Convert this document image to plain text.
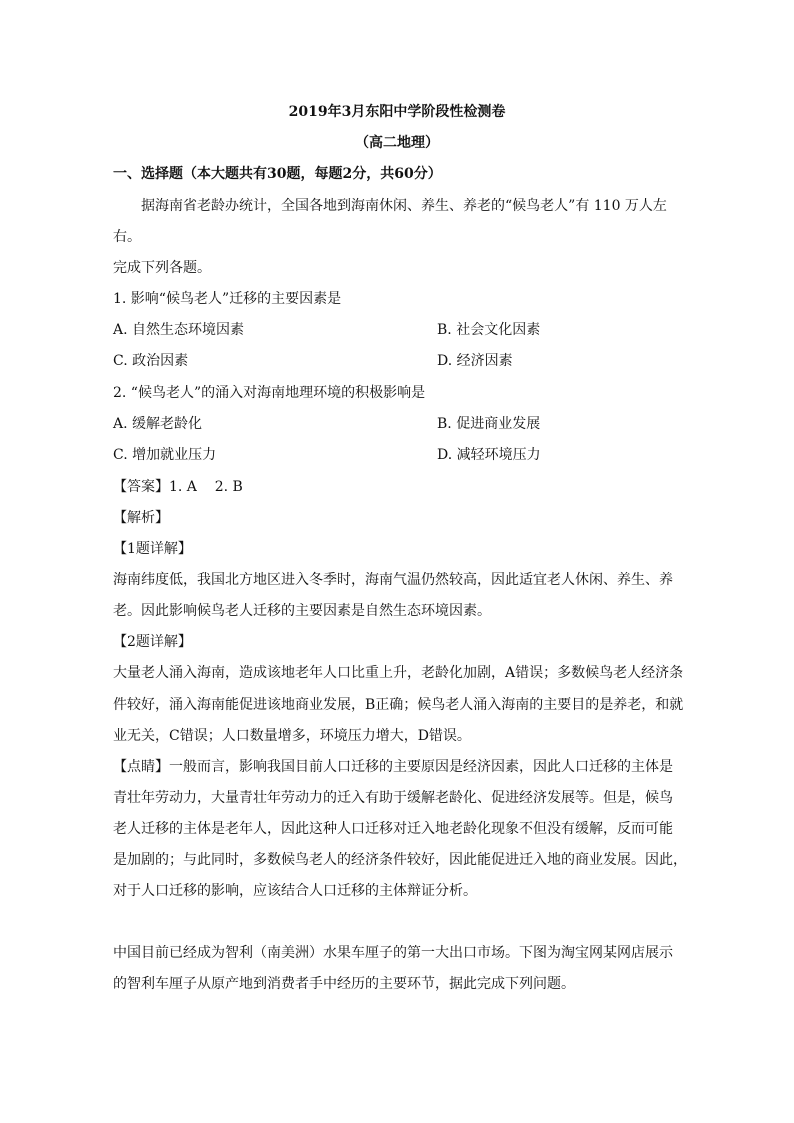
2019年3月东阳中学阶段性检测卷
（高二地理）
一、选择题（本大题共有30题，每题2分，共60分）
据海南省老龄办统计，全国各地到海南休闲、养生、养老的“候鸟老人”有 110 万人左
右。
完成下列各题。
1. 影响“候鸟老人”迁移的主要因素是
A. 自然生态环境因素	B. 社会文化因素
C. 政治因素	D. 经济因素
2. “候鸟老人”的涌入对海南地理环境的积极影响是
A. 缓解老龄化	B. 促进商业发展
C. 增加就业压力	D. 减轻环境压力
【答案】1. A    2. B
【解析】
【1题详解】
海南纬度低，我国北方地区进入冬季时，海南气温仍然较高，因此适宜老人休闲、养生、养
老。因此影响候鸟老人迁移的主要因素是自然生态环境因素。
【2题详解】
大量老人涌入海南，造成该地老年人口比重上升，老龄化加剧，A错误；多数候鸟老人经济条
件较好，涌入海南能促进该地商业发展，B正确；候鸟老人涌入海南的主要目的是养老，和就
业无关，C错误；人口数量增多，环境压力增大，D错误。
【点睛】一般而言，影响我国目前人口迁移的主要原因是经济因素，因此人口迁移的主体是
青壮年劳动力，大量青壮年劳动力的迁入有助于缓解老龄化、促进经济发展等。但是，候鸟
老人迁移的主体是老年人，因此这种人口迁移对迁入地老龄化现象不但没有缓解，反而可能
是加剧的；与此同时，多数候鸟老人的经济条件较好，因此能促进迁入地的商业发展。因此，
对于人口迁移的影响，应该结合人口迁移的主体辩证分析。
中国目前已经成为智利（南美洲）水果车厘子的第一大出口市场。下图为淘宝网某网店展示
的智利车厘子从原产地到消费者手中经历的主要环节，据此完成下列问题。
